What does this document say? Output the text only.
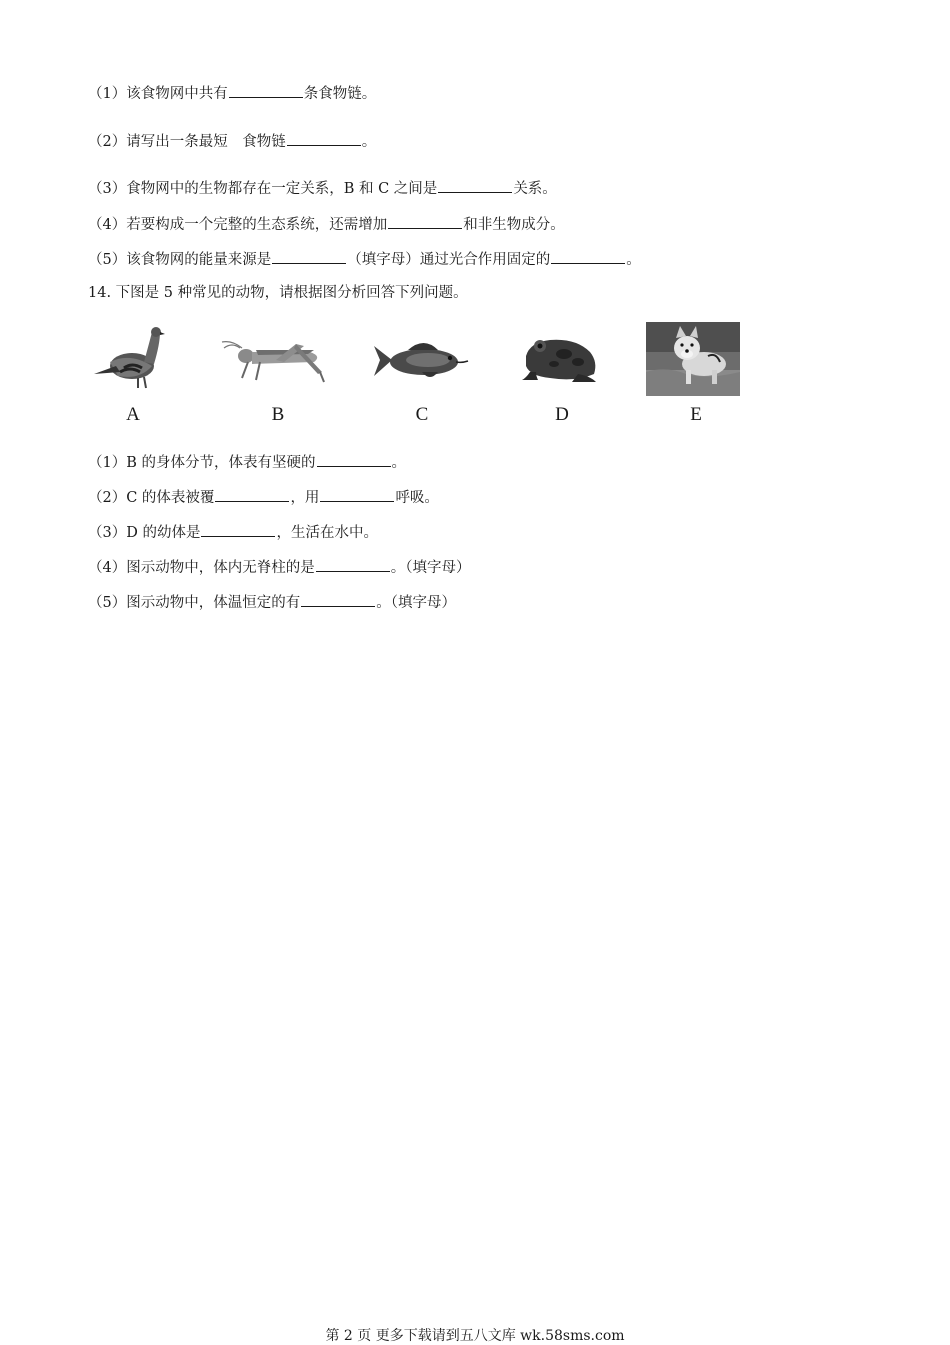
（1）该食物网中共有	条食物链。
（2）请写出一条最短　食物链	。
（3）食物网中的生物都存在一定关系，B 和 C 之间是	关系。
（4）若要构成一个完整的生态系统，还需增加	和非生物成分。
（5）该食物网的能量来源是	（填字母）通过光合作用固定的	。
14. 下图是 5 种常见的动物，请根据图分析回答下列问题。
A	B	C	D	E
（1）B 的身体分节，体表有坚硬的	。
（2）C 的体表被覆	，用	呼吸。
（3）D 的幼体是	，生活在水中。
（4）图示动物中，体内无脊柱的是	。（填字母）
（5）图示动物中，体温恒定的有	。（填字母）
第 2 页 更多下载请到五八文库 wk.58sms.com
